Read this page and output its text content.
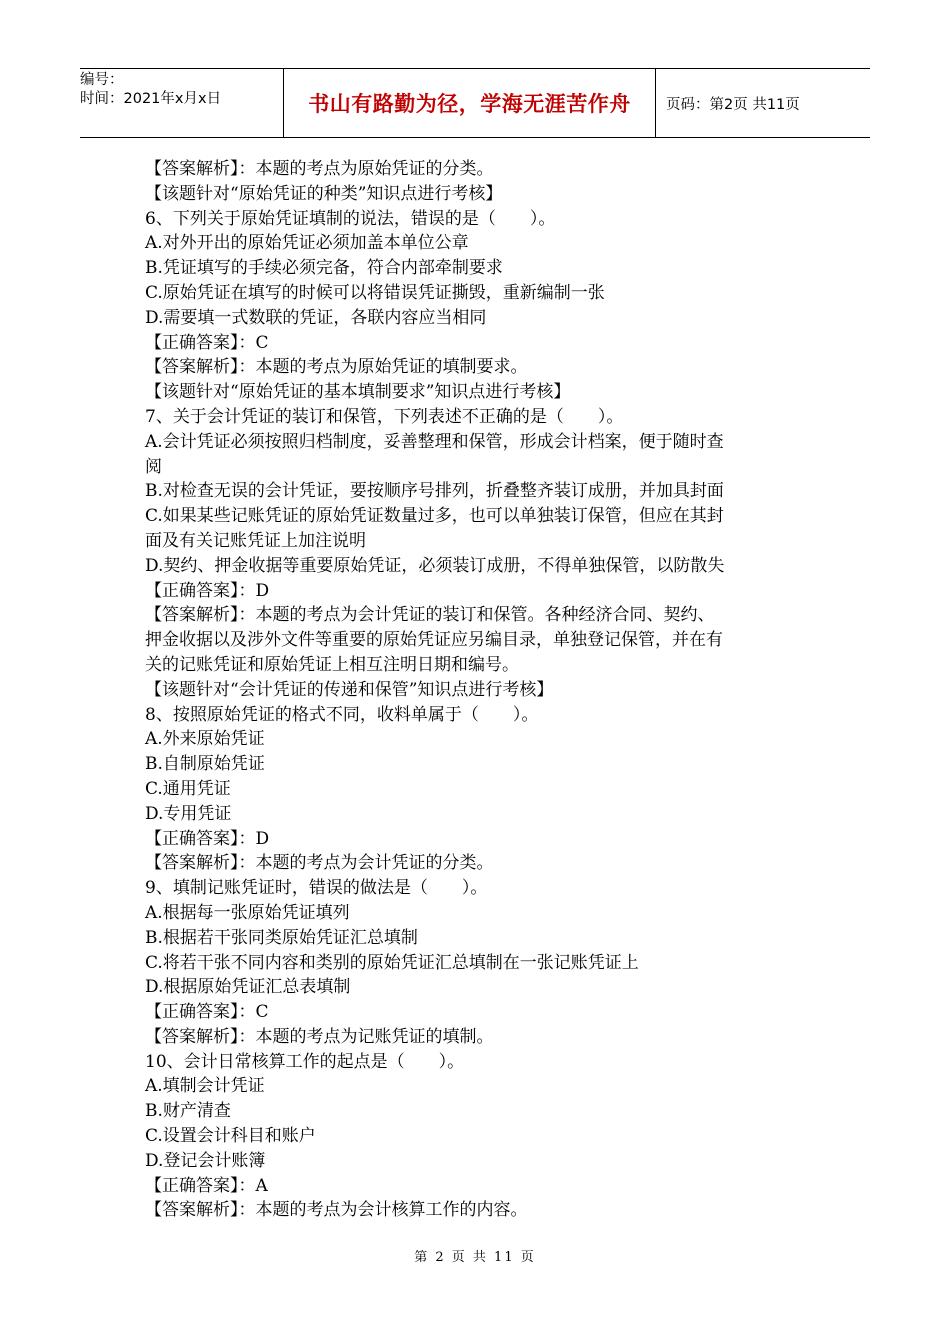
编号：
时间：2021年x月x日	书山有路勤为径，学海无涯苦作舟	页码：第2页 共11页
【答案解析】：本题的考点为原始凭证的分类。
【该题针对“原始凭证的种类”知识点进行考核】
6、下列关于原始凭证填制的说法，错误的是（　　）。
A.对外开出的原始凭证必须加盖本单位公章
B.凭证填写的手续必须完备，符合内部牵制要求
C.原始凭证在填写的时候可以将错误凭证撕毁，重新编制一张
D.需要填一式数联的凭证，各联内容应当相同
【正确答案】：C
【答案解析】：本题的考点为原始凭证的填制要求。
【该题针对“原始凭证的基本填制要求”知识点进行考核】
7、关于会计凭证的装订和保管，下列表述不正确的是（　　）。
A.会计凭证必须按照归档制度，妥善整理和保管，形成会计档案，便于随时查
阅
B.对检查无误的会计凭证，要按顺序号排列，折叠整齐装订成册，并加具封面
C.如果某些记账凭证的原始凭证数量过多，也可以单独装订保管，但应在其封
面及有关记账凭证上加注说明
D.契约、押金收据等重要原始凭证，必须装订成册，不得单独保管，以防散失
【正确答案】：D
【答案解析】：本题的考点为会计凭证的装订和保管。各种经济合同、契约、
押金收据以及涉外文件等重要的原始凭证应另编目录，单独登记保管，并在有
关的记账凭证和原始凭证上相互注明日期和编号。
【该题针对“会计凭证的传递和保管”知识点进行考核】
8、按照原始凭证的格式不同，收料单属于（　　）。
A.外来原始凭证
B.自制原始凭证
C.通用凭证
D.专用凭证
【正确答案】：D
【答案解析】：本题的考点为会计凭证的分类。
9、填制记账凭证时，错误的做法是（　　）。
A.根据每一张原始凭证填列
B.根据若干张同类原始凭证汇总填制
C.将若干张不同内容和类别的原始凭证汇总填制在一张记账凭证上
D.根据原始凭证汇总表填制
【正确答案】：C
【答案解析】：本题的考点为记账凭证的填制。
10、会计日常核算工作的起点是（　　）。
A.填制会计凭证
B.财产清查
C.设置会计科目和账户
D.登记会计账簿
【正确答案】：A
【答案解析】：本题的考点为会计核算工作的内容。
第 2 页 共 11 页
